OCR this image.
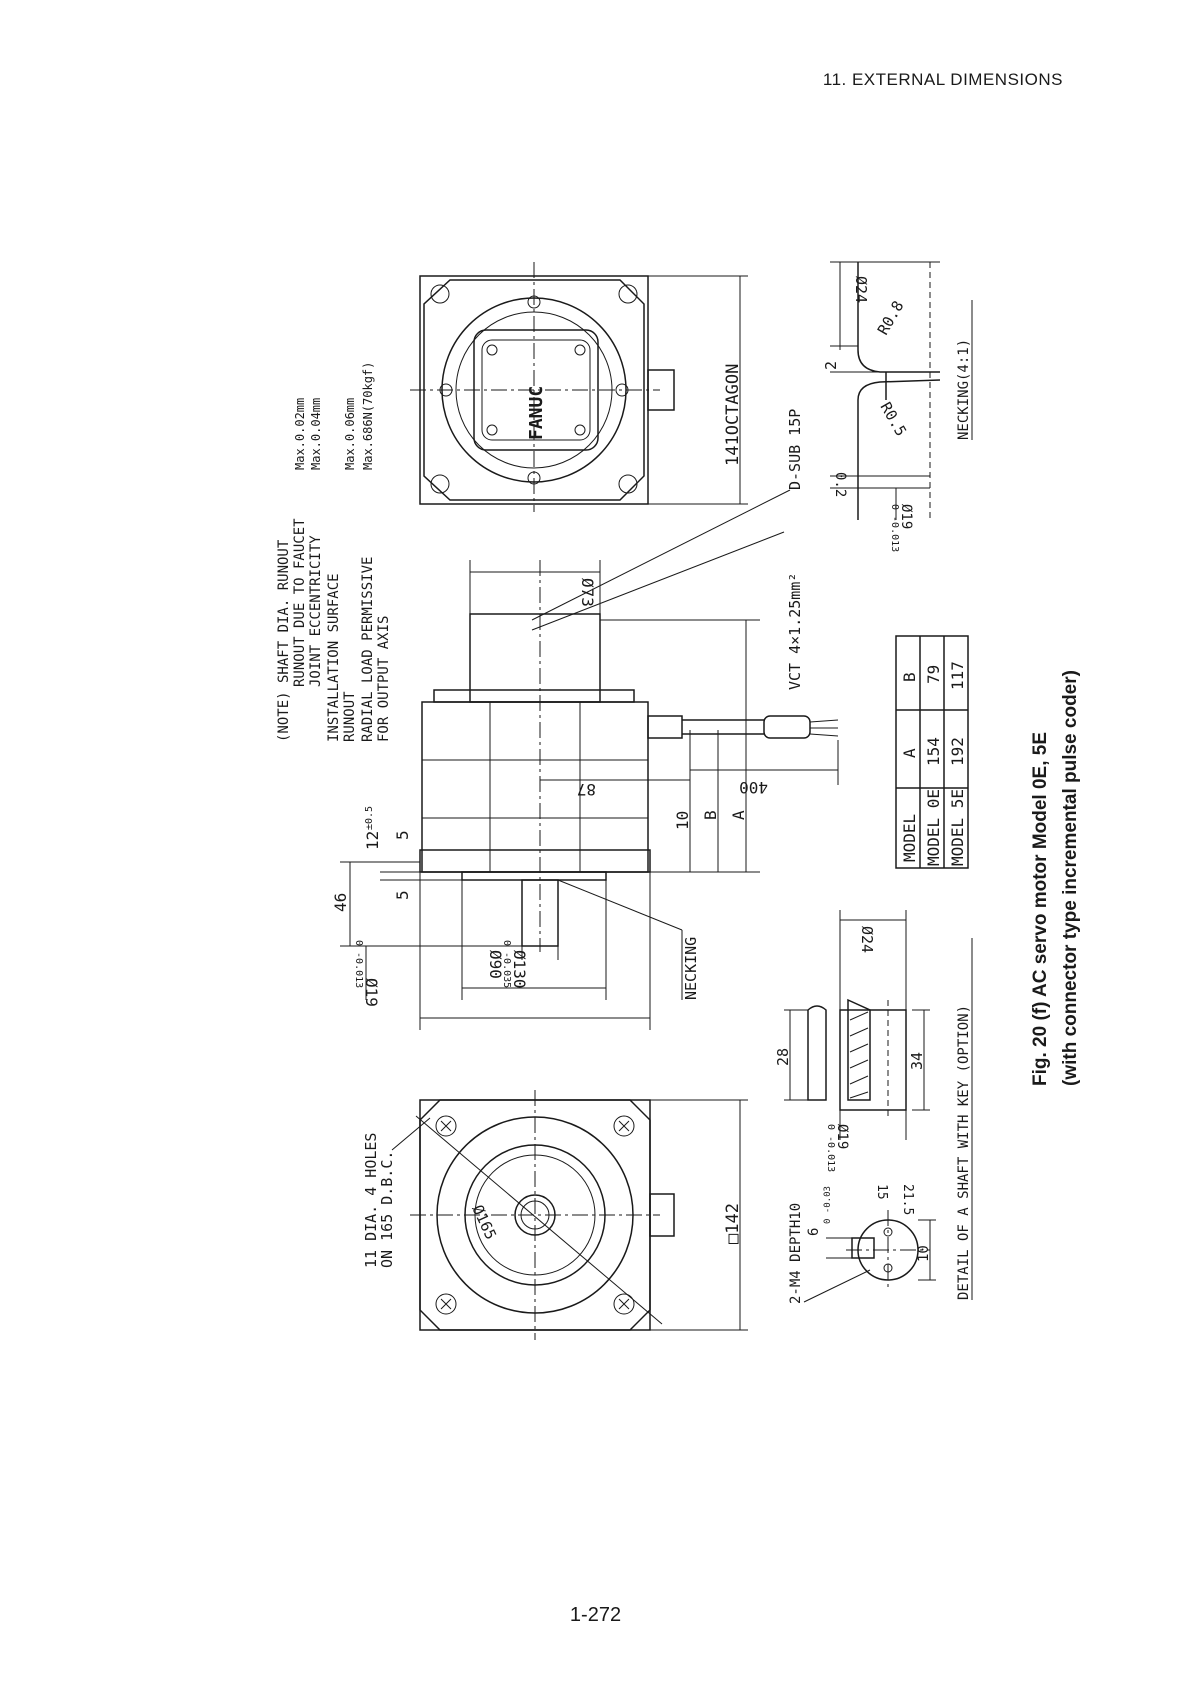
11. EXTERNAL DIMENSIONS
(NOTE) SHAFT DIA. RUNOUT RUNOUT DUE TO FAUCET JOINT ECCENTRICITY INSTALLATION SURFACE RUNOUT RADIAL LOAD PERMISSIVE FOR OUTPUT AXIS
Max.0.02mm Max.0.04mm Max.0.06mm Max.686N(70kgf)	FANUC	141OCTAGON
Ø73
87	400
10 B A
46
12
±0.5
5
5
Ø19
0 -0.013	Ø90 Ø130
0 -0.035	NECKING
VCT 4×1.25mm²
D-SUB 15P
Ø165	□142
11 DIA. 4 HOLES
ON 165 D.B.C.
Ø24
2
R0.8
R0.5
0.2
Ø19
0 -0.013
NECKING(4:1)
MODEL
A
B
MODEL 0E
154
79
MODEL 5E
192
117
2-M4 DEPTH10 6
0 -0.03	15 21.5
10
28
Ø24
34
Ø19
0 -0.013	DETAIL OF A SHAFT WITH KEY (OPTION)
Fig. 20 (f) AC servo motor Model 0E, 5E (with connector type incremental pulse coder)
1-272
